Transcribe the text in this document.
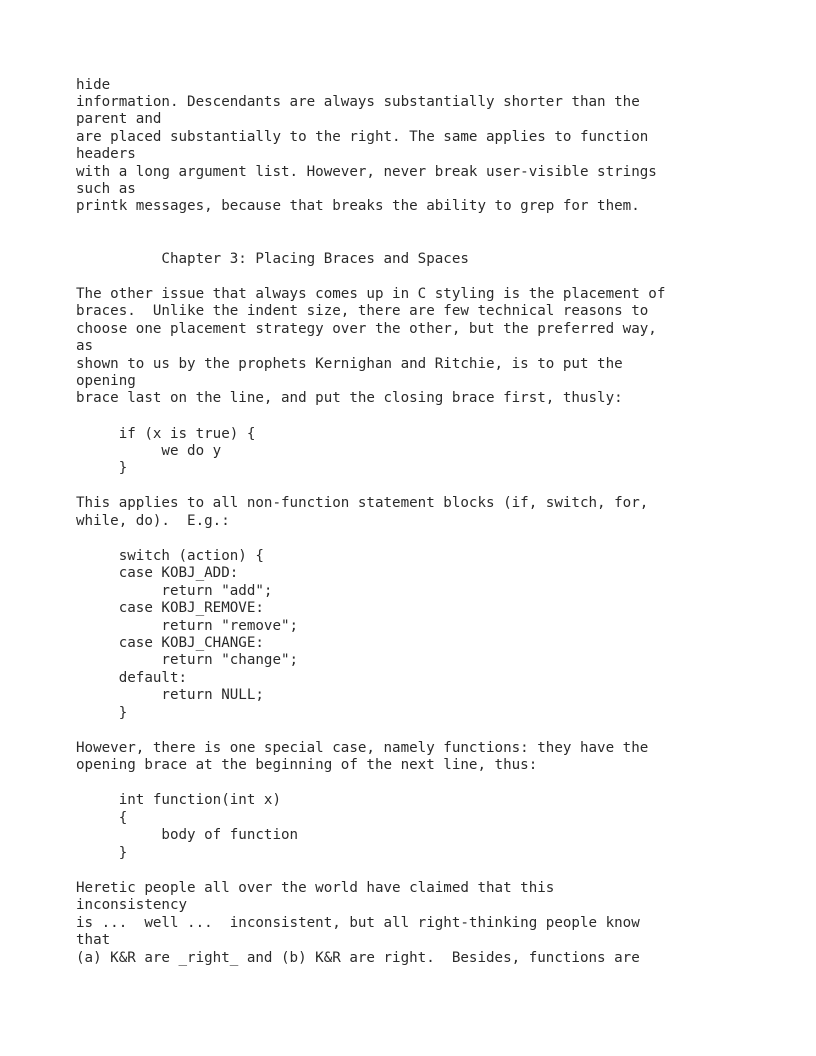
hide

information. Descendants are always substantially shorter than the

parent and

are placed substantially to the right. The same applies to function

headers

with a long argument list. However, never break user-visible strings

such as

printk messages, because that breaks the ability to grep for them.

Chapter 3: Placing Braces and Spaces

The other issue that always comes up in C styling is the placement of

braces.  Unlike the indent size, there are few technical reasons to

choose one placement strategy over the other, but the preferred way,

as

shown to us by the prophets Kernighan and Ritchie, is to put the

opening

brace last on the line, and put the closing brace first, thusly:

if (x is true) {

we do y

}

This applies to all non-function statement blocks (if, switch, for,

while, do).  E.g.:

switch (action) {

case KOBJ_ADD:

return "add";

case KOBJ_REMOVE:

return "remove";

case KOBJ_CHANGE:

return "change";

default:

return NULL;

}

However, there is one special case, namely functions: they have the

opening brace at the beginning of the next line, thus:

int function(int x)

{

body of function

}

Heretic people all over the world have claimed that this

inconsistency

is ...  well ...  inconsistent, but all right-thinking people know

that

(a) K&R are _right_ and (b) K&R are right.  Besides, functions are
